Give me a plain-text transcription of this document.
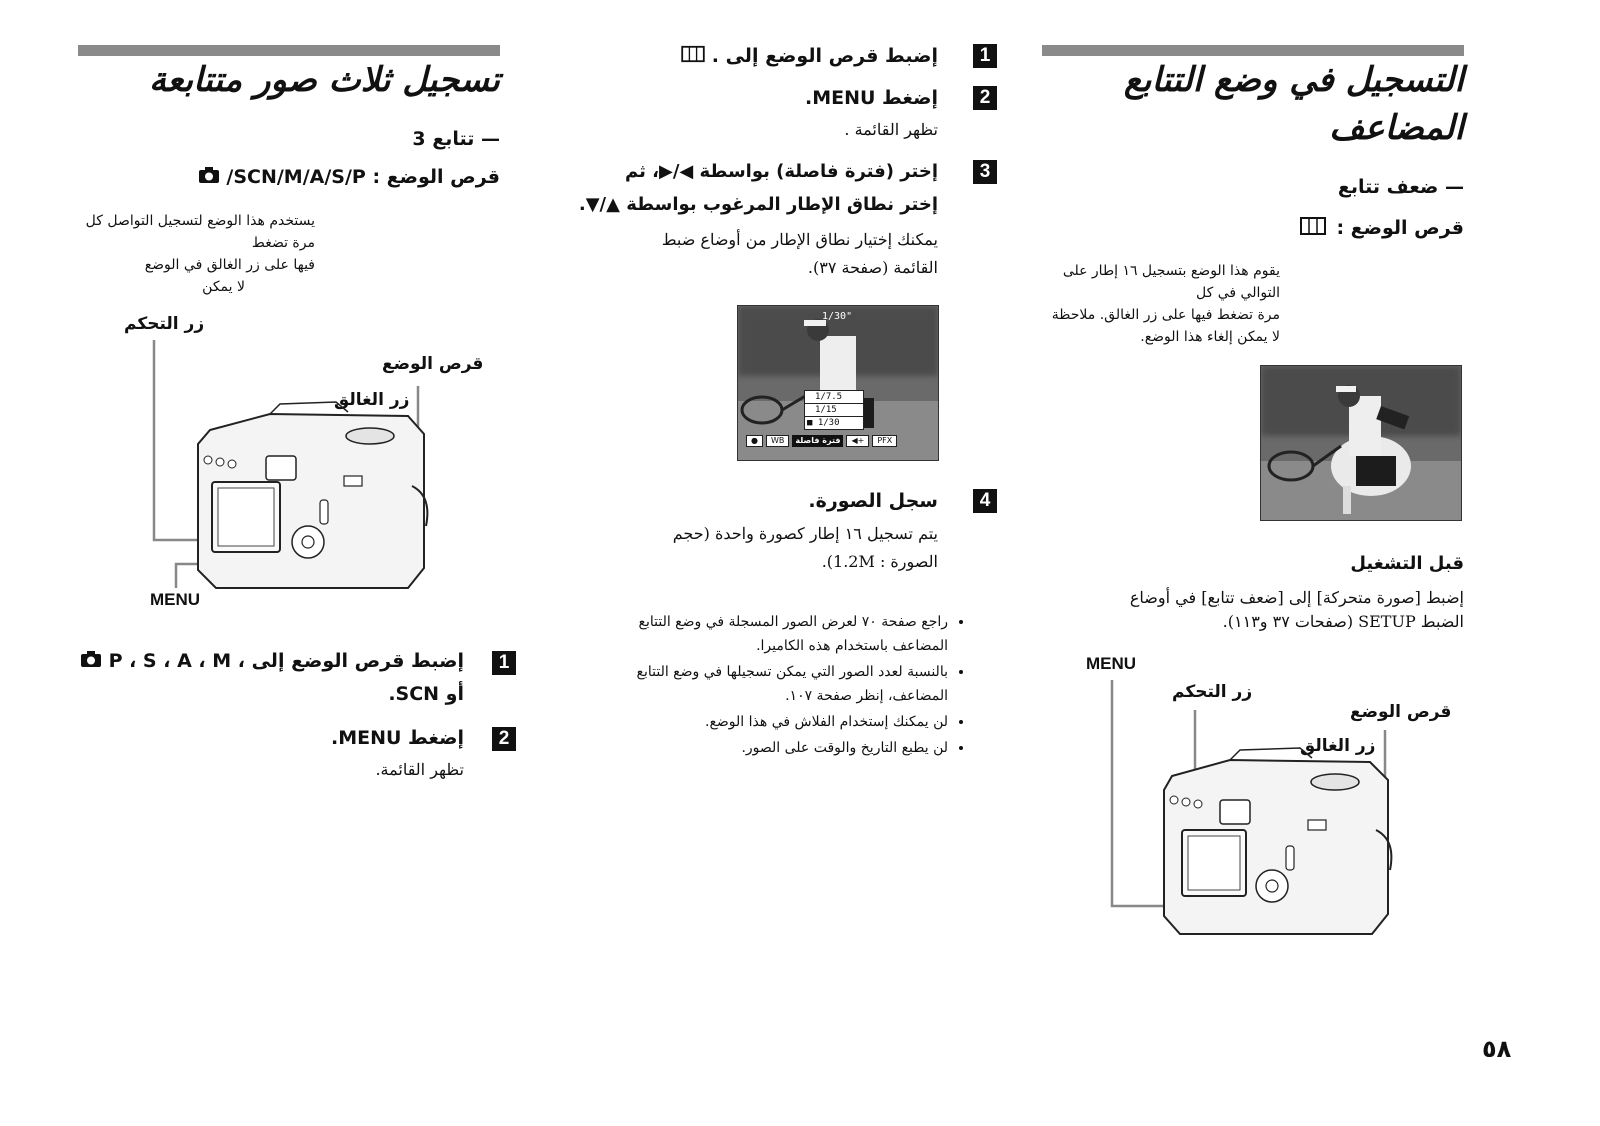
التسجيل في وضع التتابع
المضاعف
— ضعف تتابع
قرص الوضع :
يقوم هذا الوضع بتسجيل ١٦ إطار على التوالي في كل
مرة تضغط فيها على زر الغالق. ملاحظة
لا يمكن إلغاء هذا الوضع.
قبل التشغيل
إضبط [صورة متحركة] إلى [ضعف تتابع] في أوضاع
الضبط SETUP (صفحات ٣٧ و١١٣).
MENU
زر التحكم
قرص الوضع
زر الغالق
1
إضبط قرص الوضع إلى .
2
إضغط MENU.
تظهر القائمة .
3
إختر (فترة فاصلة) بواسطة ◀/▶، ثم
إختر نطاق الإطار المرغوب بواسطة ▲/▼.
يمكنك إختيار نطاق الإطار من أوضاع ضبط
القائمة (صفحة ٣٧).
1/30"
1/7.5
1/15
■ 1/30
●	WB	فترة فاصلة	◀+	PFX
4
سجل الصورة.
يتم تسجيل ١٦ إطار كصورة واحدة (حجم
الصورة : 1.2M).
• راجع صفحة ٧٠ لعرض الصور المسجلة في وضع التتابع
المضاعف باستخدام هذه الكاميرا.
• بالنسبة لعدد الصور التي يمكن تسجيلها في وضع التتابع
المضاعف، إنظر صفحة ١٠٧.
• لن يمكنك إستخدام الفلاش في هذا الوضع.
• لن يطبع التاريخ والوقت على الصور.
تسجيل ثلاث صور متتابعة
— تتابع 3
قرص الوضع : SCN/M/A/S/P/
يستخدم هذا الوضع لتسجيل التواصل كل مرة تضغط
فيها على زر الغالق في الوضع
لا يمكن
زر التحكم
قرص الوضع
زر الغالق
MENU
1
إضبط قرص الوضع إلى ، P ، S ، A ، M
أو SCN.
2
إضغط MENU.
تظهر القائمة.
٥٨
